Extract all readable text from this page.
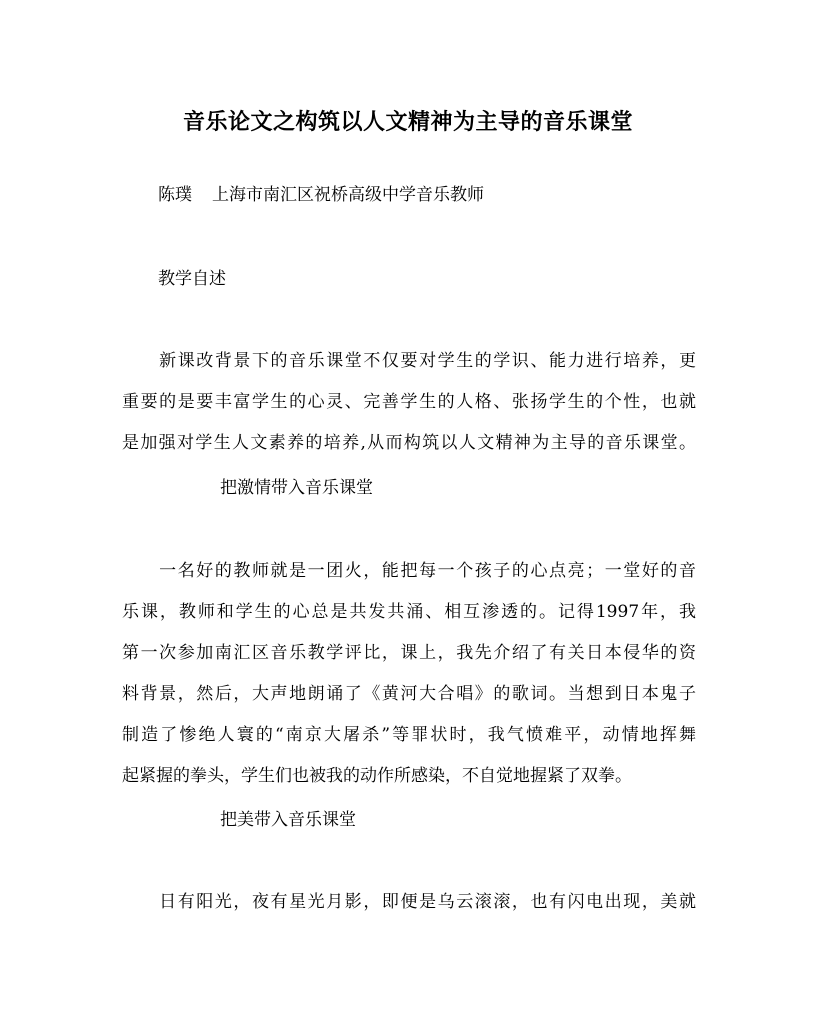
音乐论文之构筑以人文精神为主导的音乐课堂

陈璞 上海市南汇区祝桥高级中学音乐教师

教学自述

　　新课改背景下的音乐课堂不仅要对学生的学识、能力进行培养，更
重要的是要丰富学生的心灵、完善学生的人格、张扬学生的个性，也就
是加强对学生人文素养的培养,从而构筑以人文精神为主导的音乐课堂。

把激情带入音乐课堂

　　一名好的教师就是一团火，能把每一个孩子的心点亮；一堂好的音
乐课，教师和学生的心总是共发共涌、相互渗透的。记得1997年，我
第一次参加南汇区音乐教学评比，课上，我先介绍了有关日本侵华的资
料背景，然后，大声地朗诵了《黄河大合唱》的歌词。当想到日本鬼子
制造了惨绝人寰的“南京大屠杀”等罪状时，我气愤难平，动情地挥舞
起紧握的拳头，学生们也被我的动作所感染，不自觉地握紧了双拳。

把美带入音乐课堂

　　日有阳光，夜有星光月影，即便是乌云滚滚，也有闪电出现，美就
